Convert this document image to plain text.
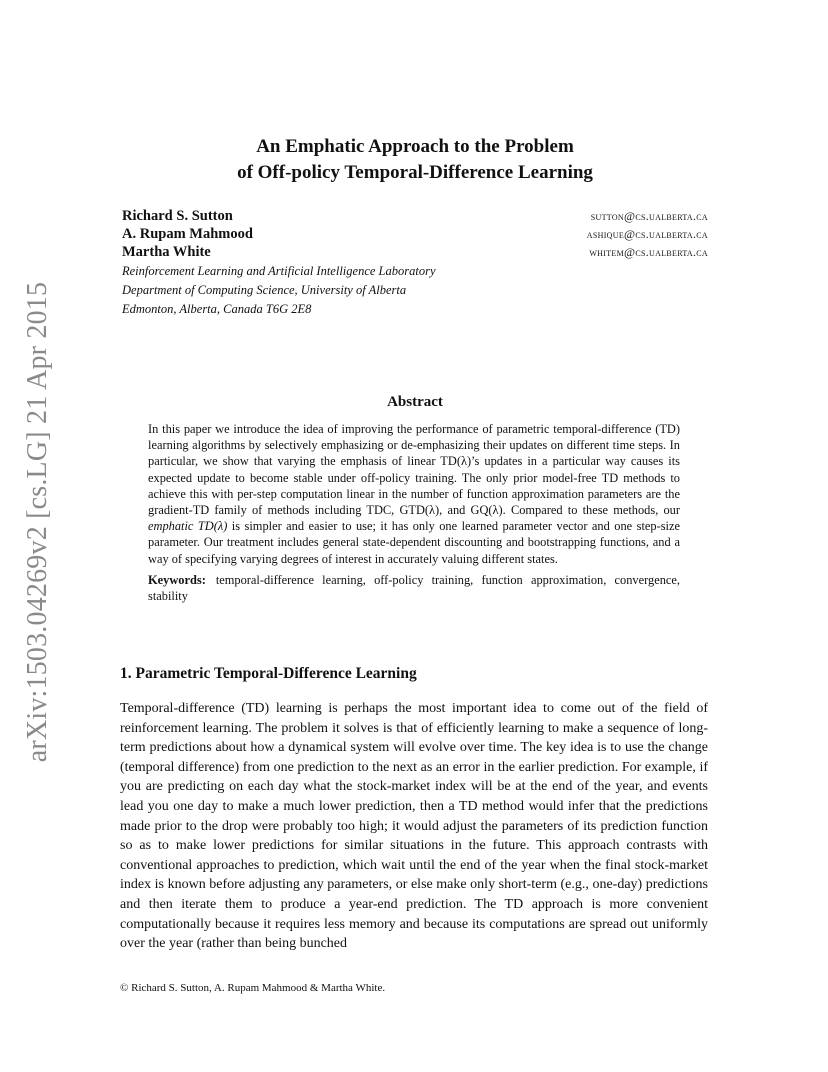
arXiv:1503.04269v2 [cs.LG] 21 Apr 2015
An Emphatic Approach to the Problem
of Off-policy Temporal-Difference Learning
Richard S. Sutton	sutton@cs.ualberta.ca
A. Rupam Mahmood	ashique@cs.ualberta.ca
Martha White	whitem@cs.ualberta.ca
Reinforcement Learning and Artificial Intelligence Laboratory
Department of Computing Science, University of Alberta
Edmonton, Alberta, Canada T6G 2E8
Abstract

In this paper we introduce the idea of improving the performance of parametric temporal-difference (TD) learning algorithms by selectively emphasizing or de-emphasizing their updates on different time steps. In particular, we show that varying the emphasis of linear TD(λ)’s updates in a particular way causes its expected update to become stable under off-policy training. The only prior model-free TD methods to achieve this with per-step computation linear in the number of function approximation parameters are the gradient-TD family of methods including TDC, GTD(λ), and GQ(λ). Compared to these methods, our emphatic TD(λ) is simpler and easier to use; it has only one learned parameter vector and one step-size parameter. Our treatment includes general state-dependent discounting and bootstrapping functions, and a way of specifying varying degrees of interest in accurately valuing different states.

Keywords: temporal-difference learning, off-policy training, function approximation, convergence, stability

1. Parametric Temporal-Difference Learning

Temporal-difference (TD) learning is perhaps the most important idea to come out of the field of reinforcement learning. The problem it solves is that of efficiently learning to make a sequence of long-term predictions about how a dynamical system will evolve over time. The key idea is to use the change (temporal difference) from one prediction to the next as an error in the earlier prediction. For example, if you are predicting on each day what the stock-market index will be at the end of the year, and events lead you one day to make a much lower prediction, then a TD method would infer that the predictions made prior to the drop were probably too high; it would adjust the parameters of its prediction function so as to make lower predictions for similar situations in the future. This approach contrasts with conventional approaches to prediction, which wait until the end of the year when the final stock-market index is known before adjusting any parameters, or else make only short-term (e.g., one-day) predictions and then iterate them to produce a year-end prediction. The TD approach is more convenient computationally because it requires less memory and because its computations are spread out uniformly over the year (rather than being bunched

© Richard S. Sutton, A. Rupam Mahmood & Martha White.
